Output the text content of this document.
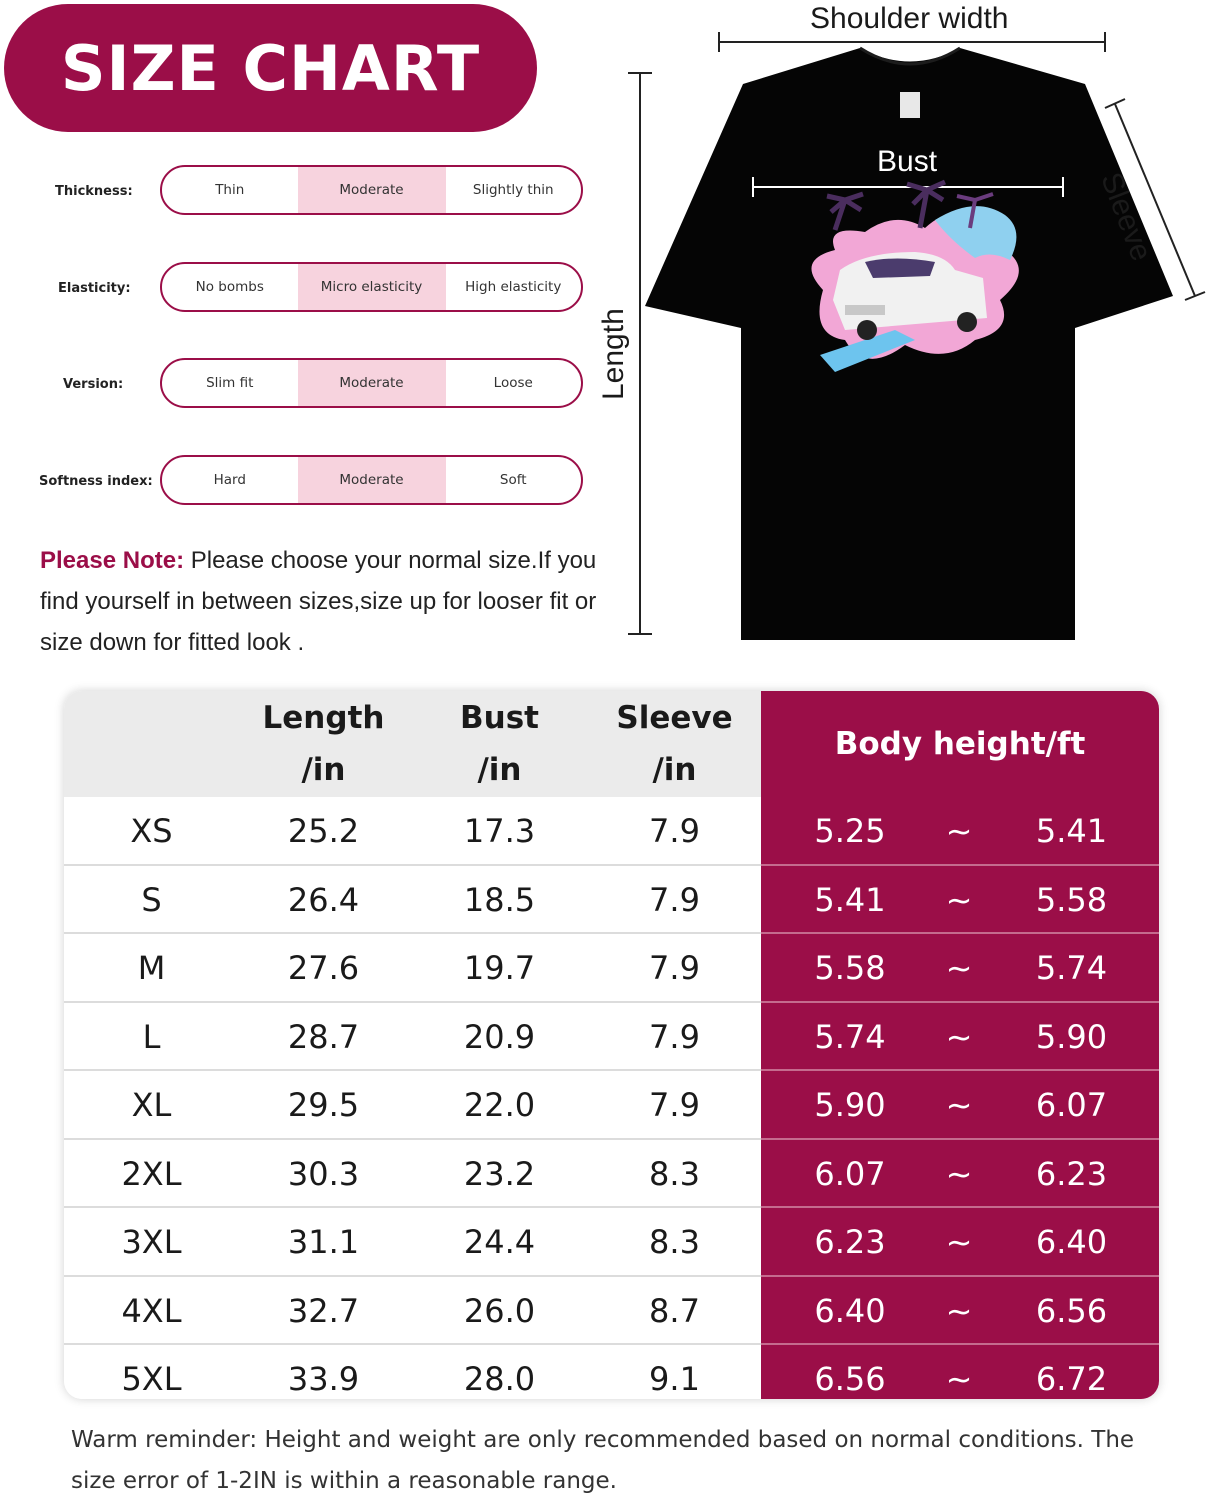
SIZE CHART
Thickness:	Thin	Moderate	Slightly thin
Elasticity:	No bombs	Micro elasticity	High elasticity
Version:	Slim fit	Moderate	Loose
Softness index:	Hard	Moderate	Soft
Please Note: Please choose your normal size.If you find yourself in between sizes,size up for looser fit or size down for fitted look .
Shoulder width
Bust
Sleeve
Length
Length
/in
Bust
/in
Sleeve
/in
Body height/ft
XS	25.2	17.3	7.9	5.25	~	5.41
S	26.4	18.5	7.9	5.41	~	5.58
M	27.6	19.7	7.9	5.58	~	5.74
L	28.7	20.9	7.9	5.74	~	5.90
XL	29.5	22.0	7.9	5.90	~	6.07
2XL	30.3	23.2	8.3	6.07	~	6.23
3XL	31.1	24.4	8.3	6.23	~	6.40
4XL	32.7	26.0	8.7	6.40	~	6.56
5XL	33.9	28.0	9.1	6.56	~	6.72
Warm reminder: Height and weight are only recommended based on normal conditions. The size error of 1-2IN is within a reasonable range.
